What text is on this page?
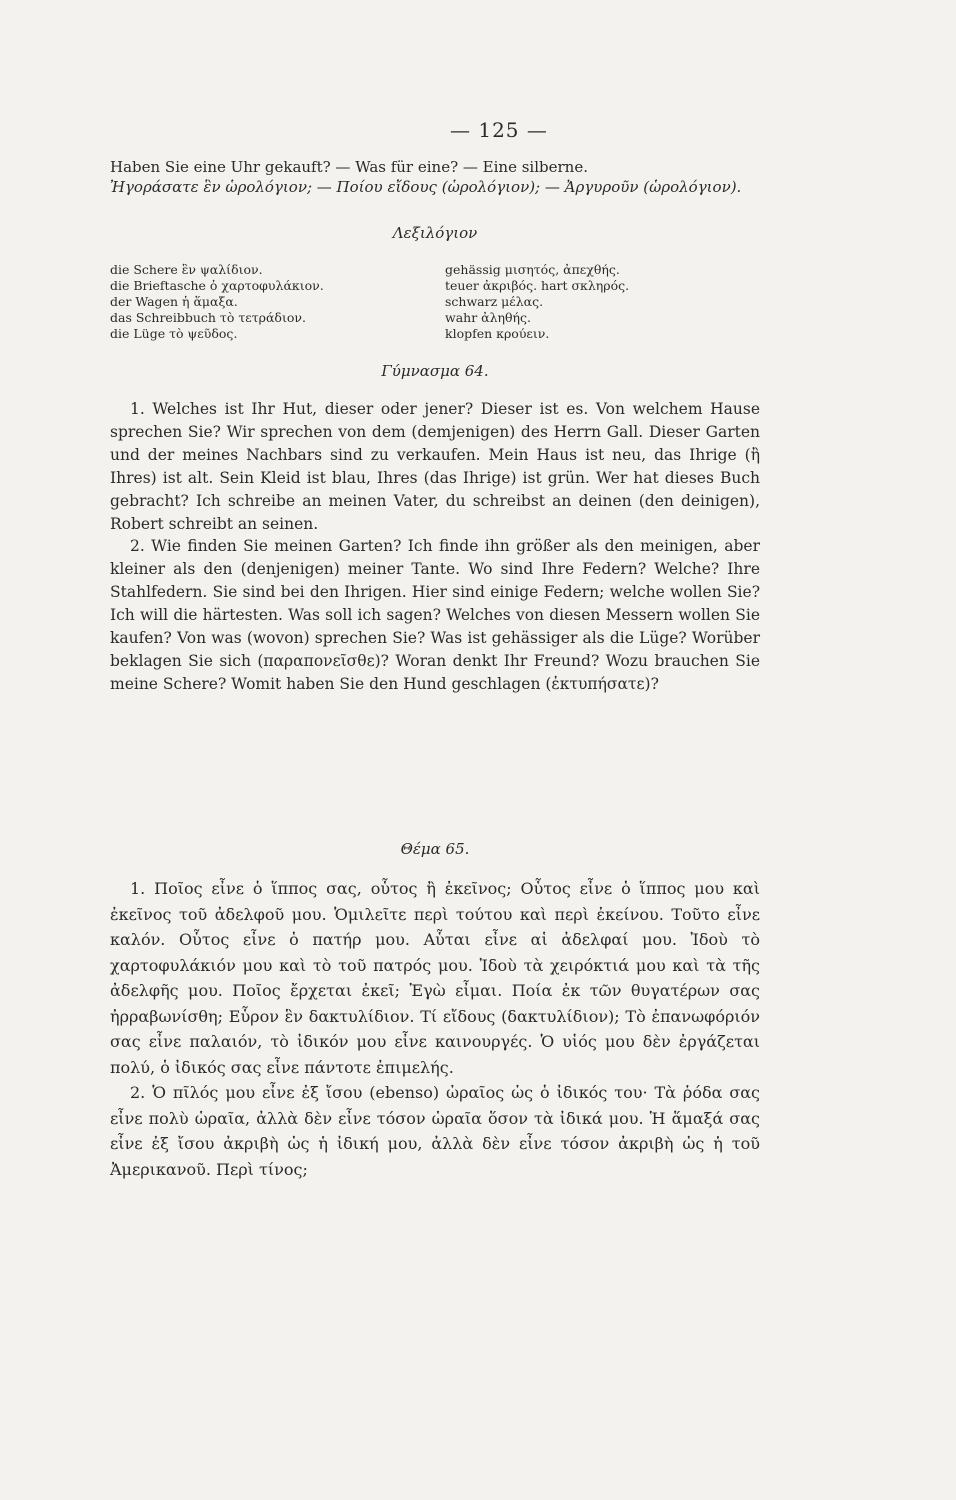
— 125 —
Haben Sie eine Uhr gekauft? — Was für eine? — Eine silberne.
Ἠγοράσατε ἓν ὡρολόγιον; — Ποίου εἴδους (ὡρολόγιον); — Ἀργυροῦν (ὡρολόγιον).
Λεξιλόγιον
die Schere ἓν ψαλίδιον.
die Brieftasche ὁ χαρτοφυλάκιον.
der Wagen ἡ ἅμαξα.
das Schreibbuch τὸ τετράδιον.
die Lüge τὸ ψεῦδος.
gehässig μισητός, ἀπεχθής.
teuer ἀκριβός. hart σκληρός.
schwarz μέλας.
wahr ἀληθής.
klopfen κρούειν.
Γύμνασμα 64.

1. Welches ist Ihr Hut, dieser oder jener? Dieser ist es. Von welchem Hause sprechen Sie? Wir sprechen von dem (demjenigen) des Herrn Gall. Dieser Garten und der meines Nachbars sind zu verkaufen. Mein Haus ist neu, das Ihrige (ἢ Ihres) ist alt. Sein Kleid ist blau, Ihres (das Ihrige) ist grün. Wer hat dieses Buch gebracht? Ich schreibe an meinen Vater, du schreibst an deinen (den deinigen), Robert schreibt an seinen.

2. Wie finden Sie meinen Garten? Ich finde ihn größer als den meinigen, aber kleiner als den (denjenigen) meiner Tante. Wo sind Ihre Federn? Welche? Ihre Stahlfedern. Sie sind bei den Ihrigen. Hier sind einige Federn; welche wollen Sie? Ich will die härtesten. Was soll ich sagen? Welches von diesen Messern wollen Sie kaufen? Von was (wovon) sprechen Sie? Was ist gehässiger als die Lüge? Worüber beklagen Sie sich (παραπονεῖσθε)? Woran denkt Ihr Freund? Wozu brauchen Sie meine Schere? Womit haben Sie den Hund geschlagen (ἐκτυπήσατε)?

Θέμα 65.

1. Ποῖος εἶνε ὁ ἵππος σας, οὗτος ἢ ἐκεῖνος; Οὗτος εἶνε ὁ ἵππος μου καὶ ἐκεῖνος τοῦ ἀδελφοῦ μου. Ὁμιλεῖτε περὶ τούτου καὶ περὶ ἐκείνου. Τοῦτο εἶνε καλόν. Οὗτος εἶνε ὁ πατήρ μου. Αὗται εἶνε αἱ ἀδελφαί μου. Ἰδοὺ τὸ χαρτοφυλάκιόν μου καὶ τὸ τοῦ πατρός μου. Ἰδοὺ τὰ χειρόκτιά μου καὶ τὰ τῆς ἀδελφῆς μου. Ποῖος ἔρχεται ἐκεῖ; Ἐγὼ εἶμαι. Ποία ἐκ τῶν θυγατέρων σας ἠρραβωνίσθη; Εὗρον ἓν δακτυλίδιον. Τί εἴδους (δακτυλίδιον); Τὸ ἐπανωφόριόν σας εἶνε παλαιόν, τὸ ἰδικόν μου εἶνε καινουργές. Ὁ υἱός μου δὲν ἐργάζεται πολύ, ὁ ἰδικός σας εἶνε πάντοτε ἐπιμελής.

2. Ὁ πῖλός μου εἶνε ἐξ ἴσου (ebenso) ὡραῖος ὡς ὁ ἰδικός του· Τὰ ῥόδα σας εἶνε πολὺ ὡραῖα, ἀλλὰ δὲν εἶνε τόσον ὡραῖα ὅσον τὰ ἰδικά μου. Ἡ ἅμαξά σας εἶνε ἐξ ἴσου ἀκριβὴ ὡς ἡ ἰδική μου, ἀλλὰ δὲν εἶνε τόσον ἀκριβὴ ὡς ἡ τοῦ Ἀμερικανοῦ. Περὶ τίνος;
